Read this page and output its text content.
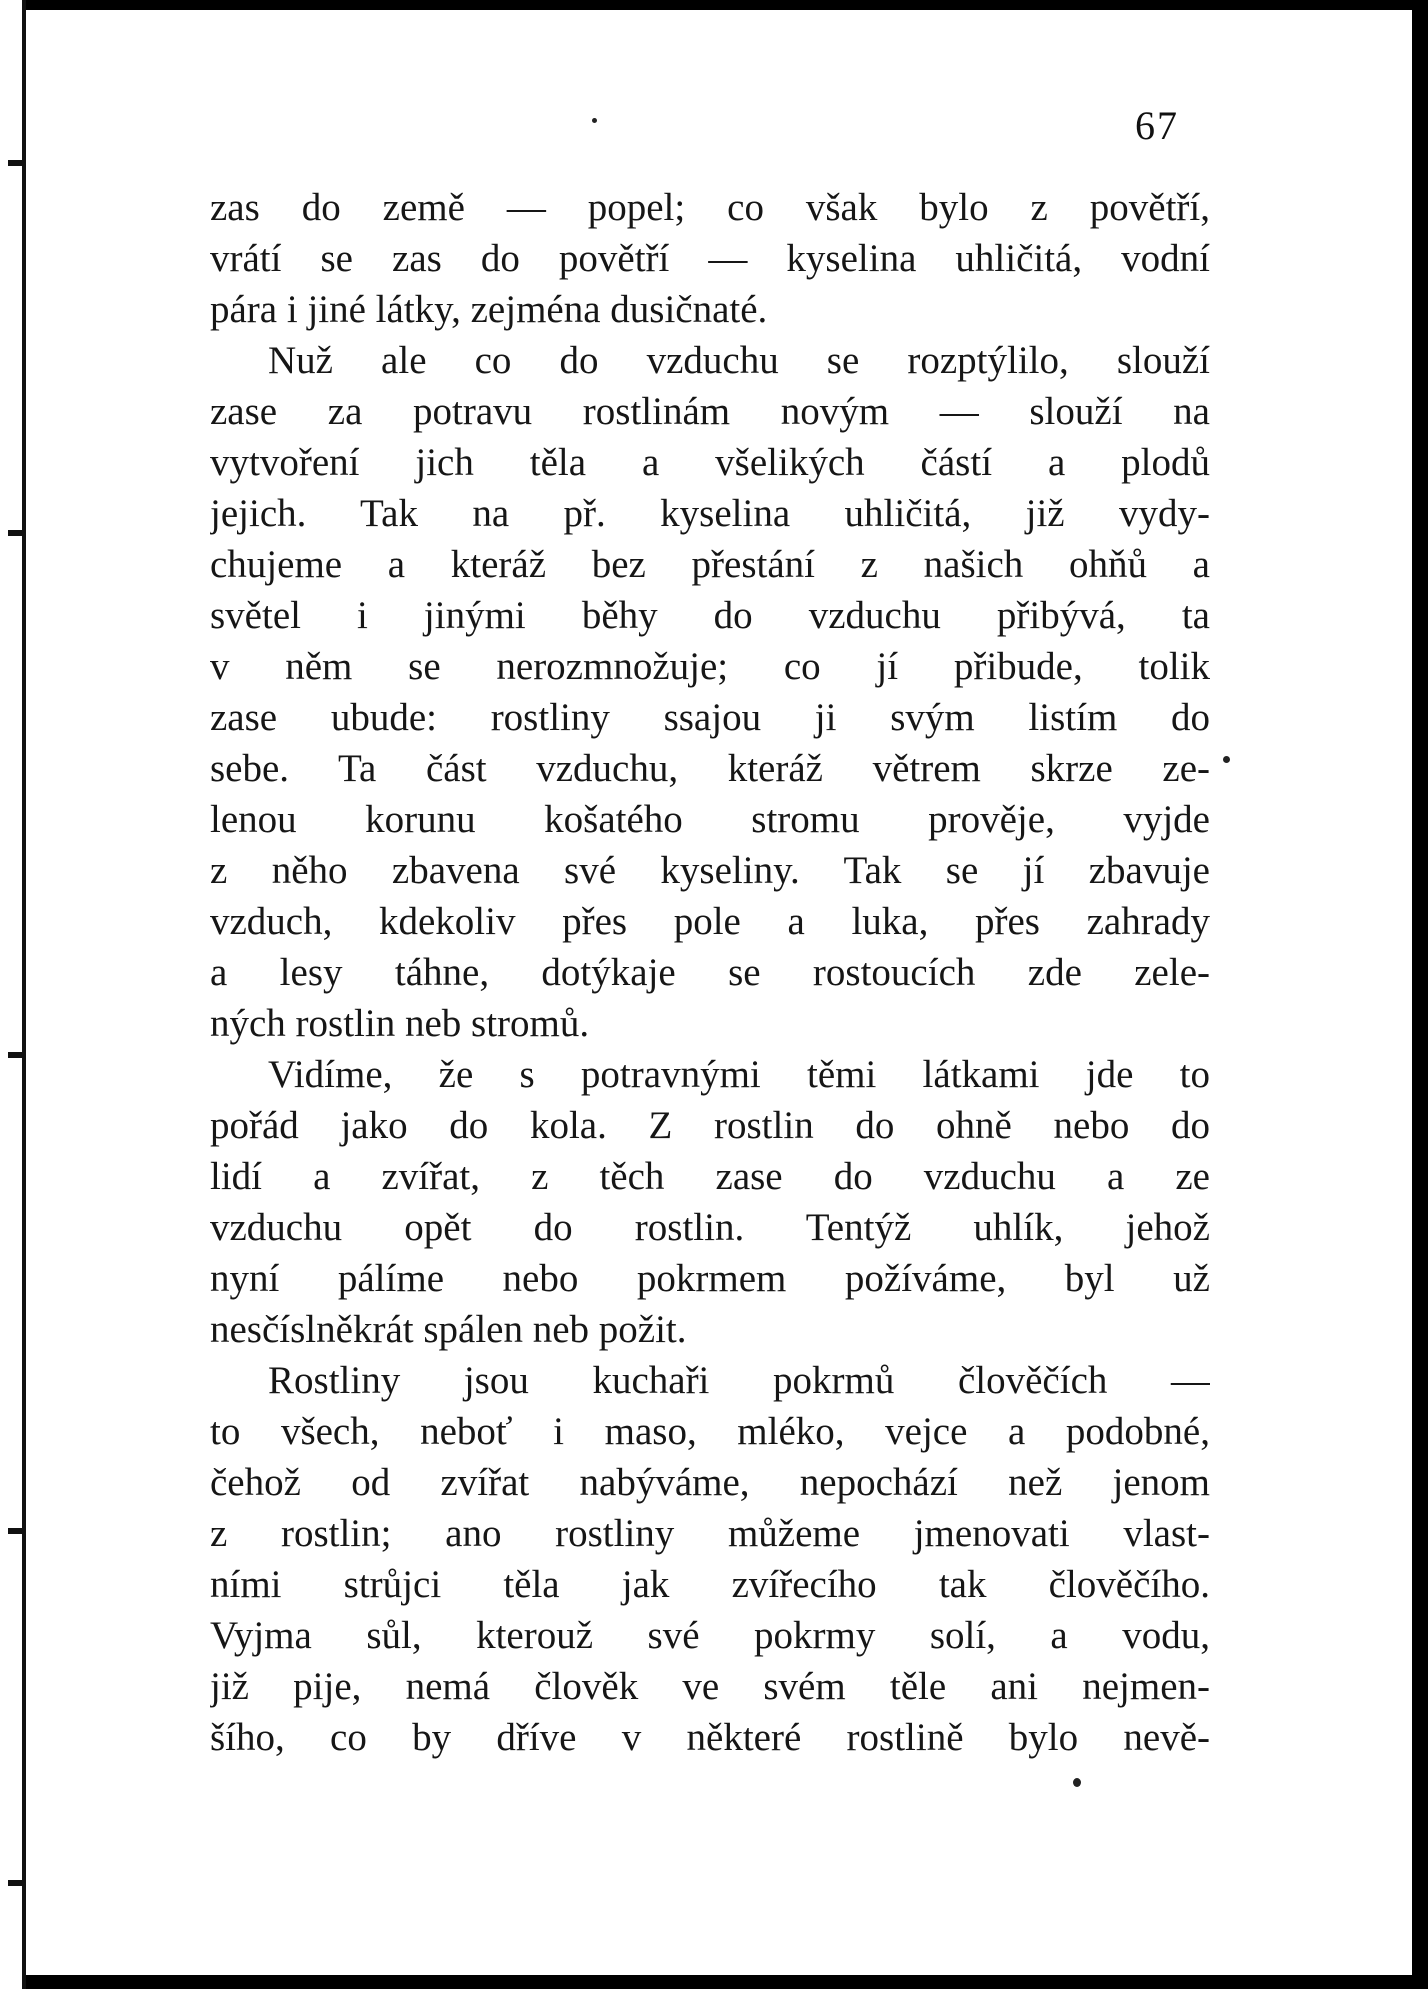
67
zas do země — popel; co však bylo z povětří,
vrátí se zas do povětří — kyselina uhličitá, vodní
pára i jiné látky, zejména dusičnaté.
Nuž ale co do vzduchu se rozptýlilo, slouží
zase za potravu rostlinám novým — slouží na
vytvoření jich těla a všelikých částí a plodů
jejich. Tak na př. kyselina uhličitá, již vydy-
chujeme a kteráž bez přestání z našich ohňů a
světel i jinými běhy do vzduchu přibývá, ta
v něm se nerozmnožuje; co jí přibude, tolik
zase ubude: rostliny ssajou ji svým listím do
sebe. Ta část vzduchu, kteráž větrem skrze ze-
lenou korunu košatého stromu provějе, vyjde
z něho zbavena své kyseliny. Tak se jí zbavuje
vzduch, kdekoliv přes pole a luka, přes zahrady
a lesy táhne, dotýkaje se rostoucích zde zele-
ných rostlin neb stromů.
Vidíme, že s potravnými těmi látkami jde to
pořád jako do kola. Z rostlin do ohně nebo do
lidí a zvířat, z těch zase do vzduchu a ze
vzduchu opět do rostlin. Tentýž uhlík, jehož
nyní pálíme nebo pokrmem požíváme, byl už
nesčíslněkrát spálen neb požit.
Rostliny jsou kuchaři pokrmů člověčích —
to všech, neboť i maso, mléko, vejce a podobné,
čehož od zvířat nabýváme, nepochází než jenom
z rostlin; ano rostliny můžeme jmenovati vlast-
ními strůjci těla jak zvířecího tak člověčího.
Vyjma sůl, kterouž své pokrmy solí, a vodu,
již pije, nemá člověk ve svém těle ani nejmen-
šího, co by dříve v některé rostlině bylo nevě-
